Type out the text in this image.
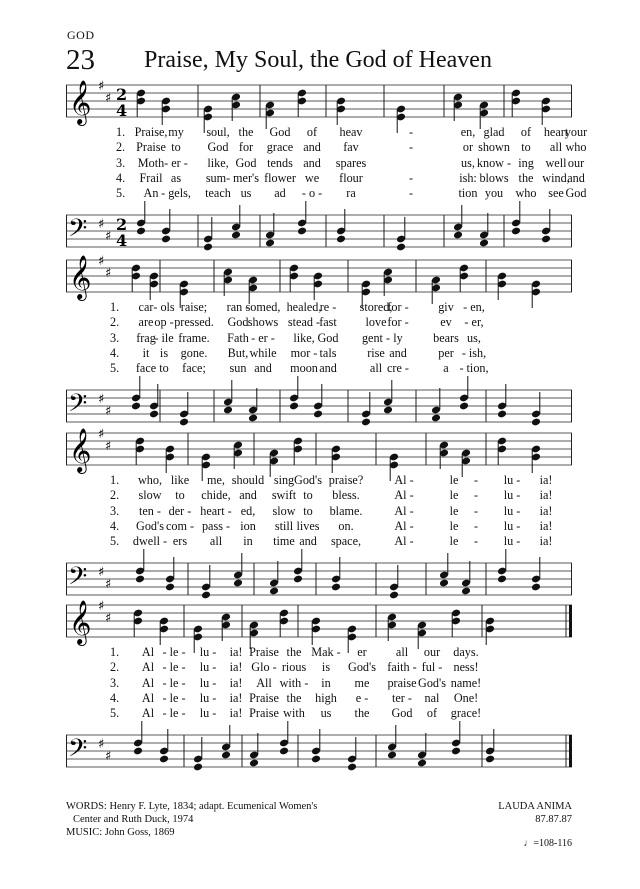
GOD
23 Praise, My Soul, the God of Heaven
𝄞 ♯
♯ 2
4
1. Praise, my soul, the God of heav	-	en, glad of heart
your
2. Praise to God for grace and fav	-	or shown to all who
3. Moth - er - like, God tends and spares	us, know - ing well our
4. Frail as sum- mer's flower we flour	-	ish: blows the wind,
and
5. An - gels, teach us ad - o - ra	-	tion you who see God
𝄢 ♯
♯
2
4
𝄞 ♯
♯
1. car - ols raise; ran -
somed, healed,
re - stored,
for - giv - en,
2. are op - pressed. God shows stead - fast love for -	ev - er,
3. frag
- ile frame. Fath - er - like, God gent - ly bears us,
4. it is gone. But, while mor - tals	rise and	per - ish,
5. face to face; sun and moon and	all cre -	a - tion,
𝄢 ♯
♯
𝄞 ♯
♯
1. who, like me, should sing God's praise?	Al -	le - lu - ia!
2. slow to chide, and swift to bless.	Al -	le - lu - ia!
3. ten - der - heart - ed, slow to blame.	Al -	le - lu - ia!
4. God's com - pass - ion still lives on.	Al -	le - lu - ia!
5. dwell - ers all in time and space,	Al -	le - lu - ia!
𝄢 ♯
♯
𝄞 ♯
♯
1. Al - le - lu - ia! Praise the Mak - er all our days.
2. Al - le - lu - ia! Glo - rious is God's faith - ful - ness!
3. Al - le - lu - ia! All with - in me praise God's name!
4. Al - le - lu - ia! Praise the high e - ter - nal One!
5. Al - le - lu - ia! Praise with us the God of grace!
𝄢 ♯
♯
WORDS: Henry F. Lyte, 1834; adapt. Ecumenical Women's
Center and Ruth Duck, 1974
MUSIC: John Goss, 1869
LAUDA ANIMA
87.87.87
♩=108-116
